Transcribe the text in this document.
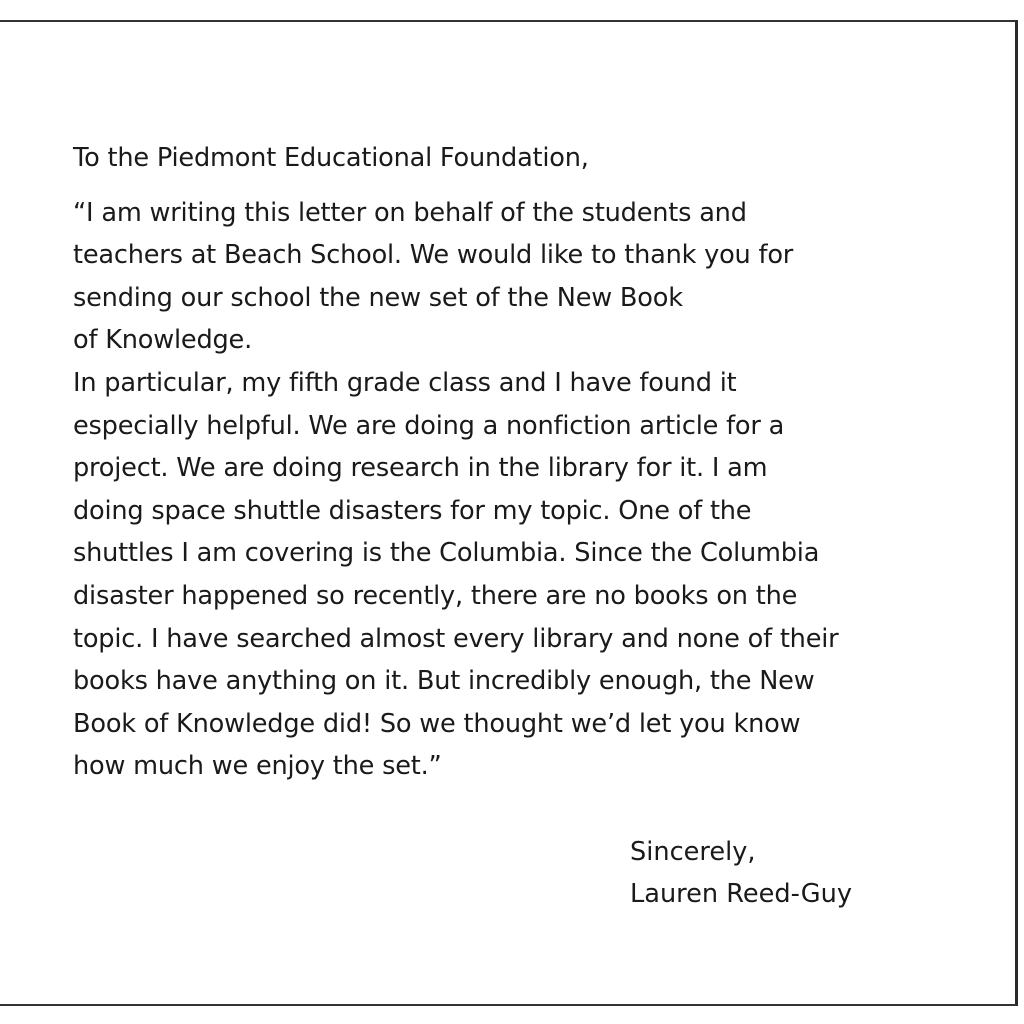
To the Piedmont Educational Foundation,

“I am writing this letter on behalf of the students and
teachers at Beach School. We would like to thank you for
sending our school the new set of the New Book
of Knowledge.

In particular, my fifth grade class and I have found it
especially helpful. We are doing a nonfiction article for a
project. We are doing research in the library for it. I am
doing space shuttle disasters for my topic. One of the
shuttles I am covering is the Columbia. Since the Columbia
disaster happened so recently, there are no books on the
topic. I have searched almost every library and none of their
books have anything on it. But incredibly enough, the New
Book of Knowledge did! So we thought we’d let you know
how much we enjoy the set.”

Sincerely,
Lauren Reed-Guy
